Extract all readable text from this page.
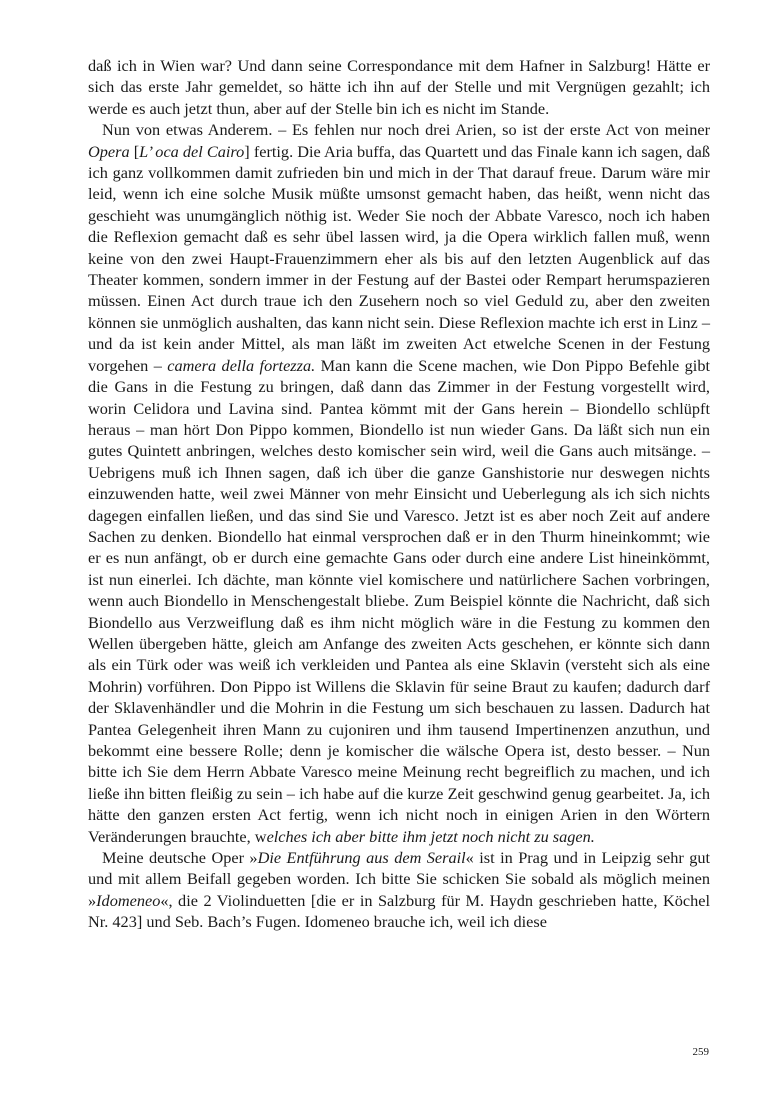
daß ich in Wien war? Und dann seine Correspondance mit dem Hafner in Salzburg! Hätte er sich das erste Jahr gemeldet, so hätte ich ihn auf der Stelle und mit Vergnügen gezahlt; ich werde es auch jetzt thun, aber auf der Stelle bin ich es nicht im Stande.

Nun von etwas Anderem. – Es fehlen nur noch drei Arien, so ist der erste Act von meiner Opera [L’ oca del Cairo] fertig. Die Aria buffa, das Quartett und das Finale kann ich sagen, daß ich ganz vollkommen damit zufrieden bin und mich in der That darauf freue. Darum wäre mir leid, wenn ich eine solche Musik müßte umsonst gemacht haben, das heißt, wenn nicht das geschieht was unumgänglich nöthig ist. Weder Sie noch der Abbate Varesco, noch ich haben die Reflexion gemacht daß es sehr übel lassen wird, ja die Opera wirklich fallen muß, wenn keine von den zwei Haupt-Frauenzimmern eher als bis auf den letzten Augenblick auf das Theater kommen, sondern immer in der Festung auf der Bastei oder Rempart herumspazieren müssen. Einen Act durch traue ich den Zusehern noch so viel Geduld zu, aber den zweiten können sie unmöglich aushalten, das kann nicht sein. Diese Reflexion machte ich erst in Linz – und da ist kein ander Mittel, als man läßt im zweiten Act etwelche Scenen in der Festung vorgehen – camera della fortezza. Man kann die Scene machen, wie Don Pippo Befehle gibt die Gans in die Festung zu bringen, daß dann das Zimmer in der Festung vorgestellt wird, worin Celidora und Lavina sind. Pantea kömmt mit der Gans herein – Biondello schlüpft heraus – man hört Don Pippo kommen, Biondello ist nun wieder Gans. Da läßt sich nun ein gutes Quintett anbringen, welches desto komischer sein wird, weil die Gans auch mitsänge. – Uebrigens muß ich Ihnen sagen, daß ich über die ganze Ganshistorie nur deswegen nichts einzuwenden hatte, weil zwei Männer von mehr Einsicht und Ueberlegung als ich sich nichts dagegen einfallen ließen, und das sind Sie und Varesco. Jetzt ist es aber noch Zeit auf andere Sachen zu denken. Biondello hat einmal versprochen daß er in den Thurm hineinkommt; wie er es nun anfängt, ob er durch eine gemachte Gans oder durch eine andere List hineinkömmt, ist nun einerlei. Ich dächte, man könnte viel komischere und natürlichere Sachen vorbringen, wenn auch Biondello in Menschengestalt bliebe. Zum Beispiel könnte die Nachricht, daß sich Biondello aus Verzweiflung daß es ihm nicht möglich wäre in die Festung zu kommen den Wellen übergeben hätte, gleich am Anfange des zweiten Acts geschehen, er könnte sich dann als ein Türk oder was weiß ich verkleiden und Pantea als eine Sklavin (versteht sich als eine Mohrin) vorführen. Don Pippo ist Willens die Sklavin für seine Braut zu kaufen; dadurch darf der Sklavenhändler und die Mohrin in die Festung um sich beschauen zu lassen. Dadurch hat Pantea Gelegenheit ihren Mann zu cujoniren und ihm tausend Impertinenzen anzuthun, und bekommt eine bessere Rolle; denn je komischer die wälsche Opera ist, desto besser. – Nun bitte ich Sie dem Herrn Abbate Varesco meine Meinung recht begreiflich zu machen, und ich ließe ihn bitten fleißig zu sein – ich habe auf die kurze Zeit geschwind genug gearbeitet. Ja, ich hätte den ganzen ersten Act fertig, wenn ich nicht noch in einigen Arien in den Wörtern Veränderungen brauchte, welches ich aber bitte ihm jetzt noch nicht zu sagen.

Meine deutsche Oper »Die Entführung aus dem Serail« ist in Prag und in Leipzig sehr gut und mit allem Beifall gegeben worden. Ich bitte Sie schicken Sie sobald als möglich meinen »Idomeneo«, die 2 Violinduetten [die er in Salzburg für M. Haydn geschrieben hatte, Köchel Nr. 423] und Seb. Bach’s Fugen. Idomeneo brauche ich, weil ich diese

259
